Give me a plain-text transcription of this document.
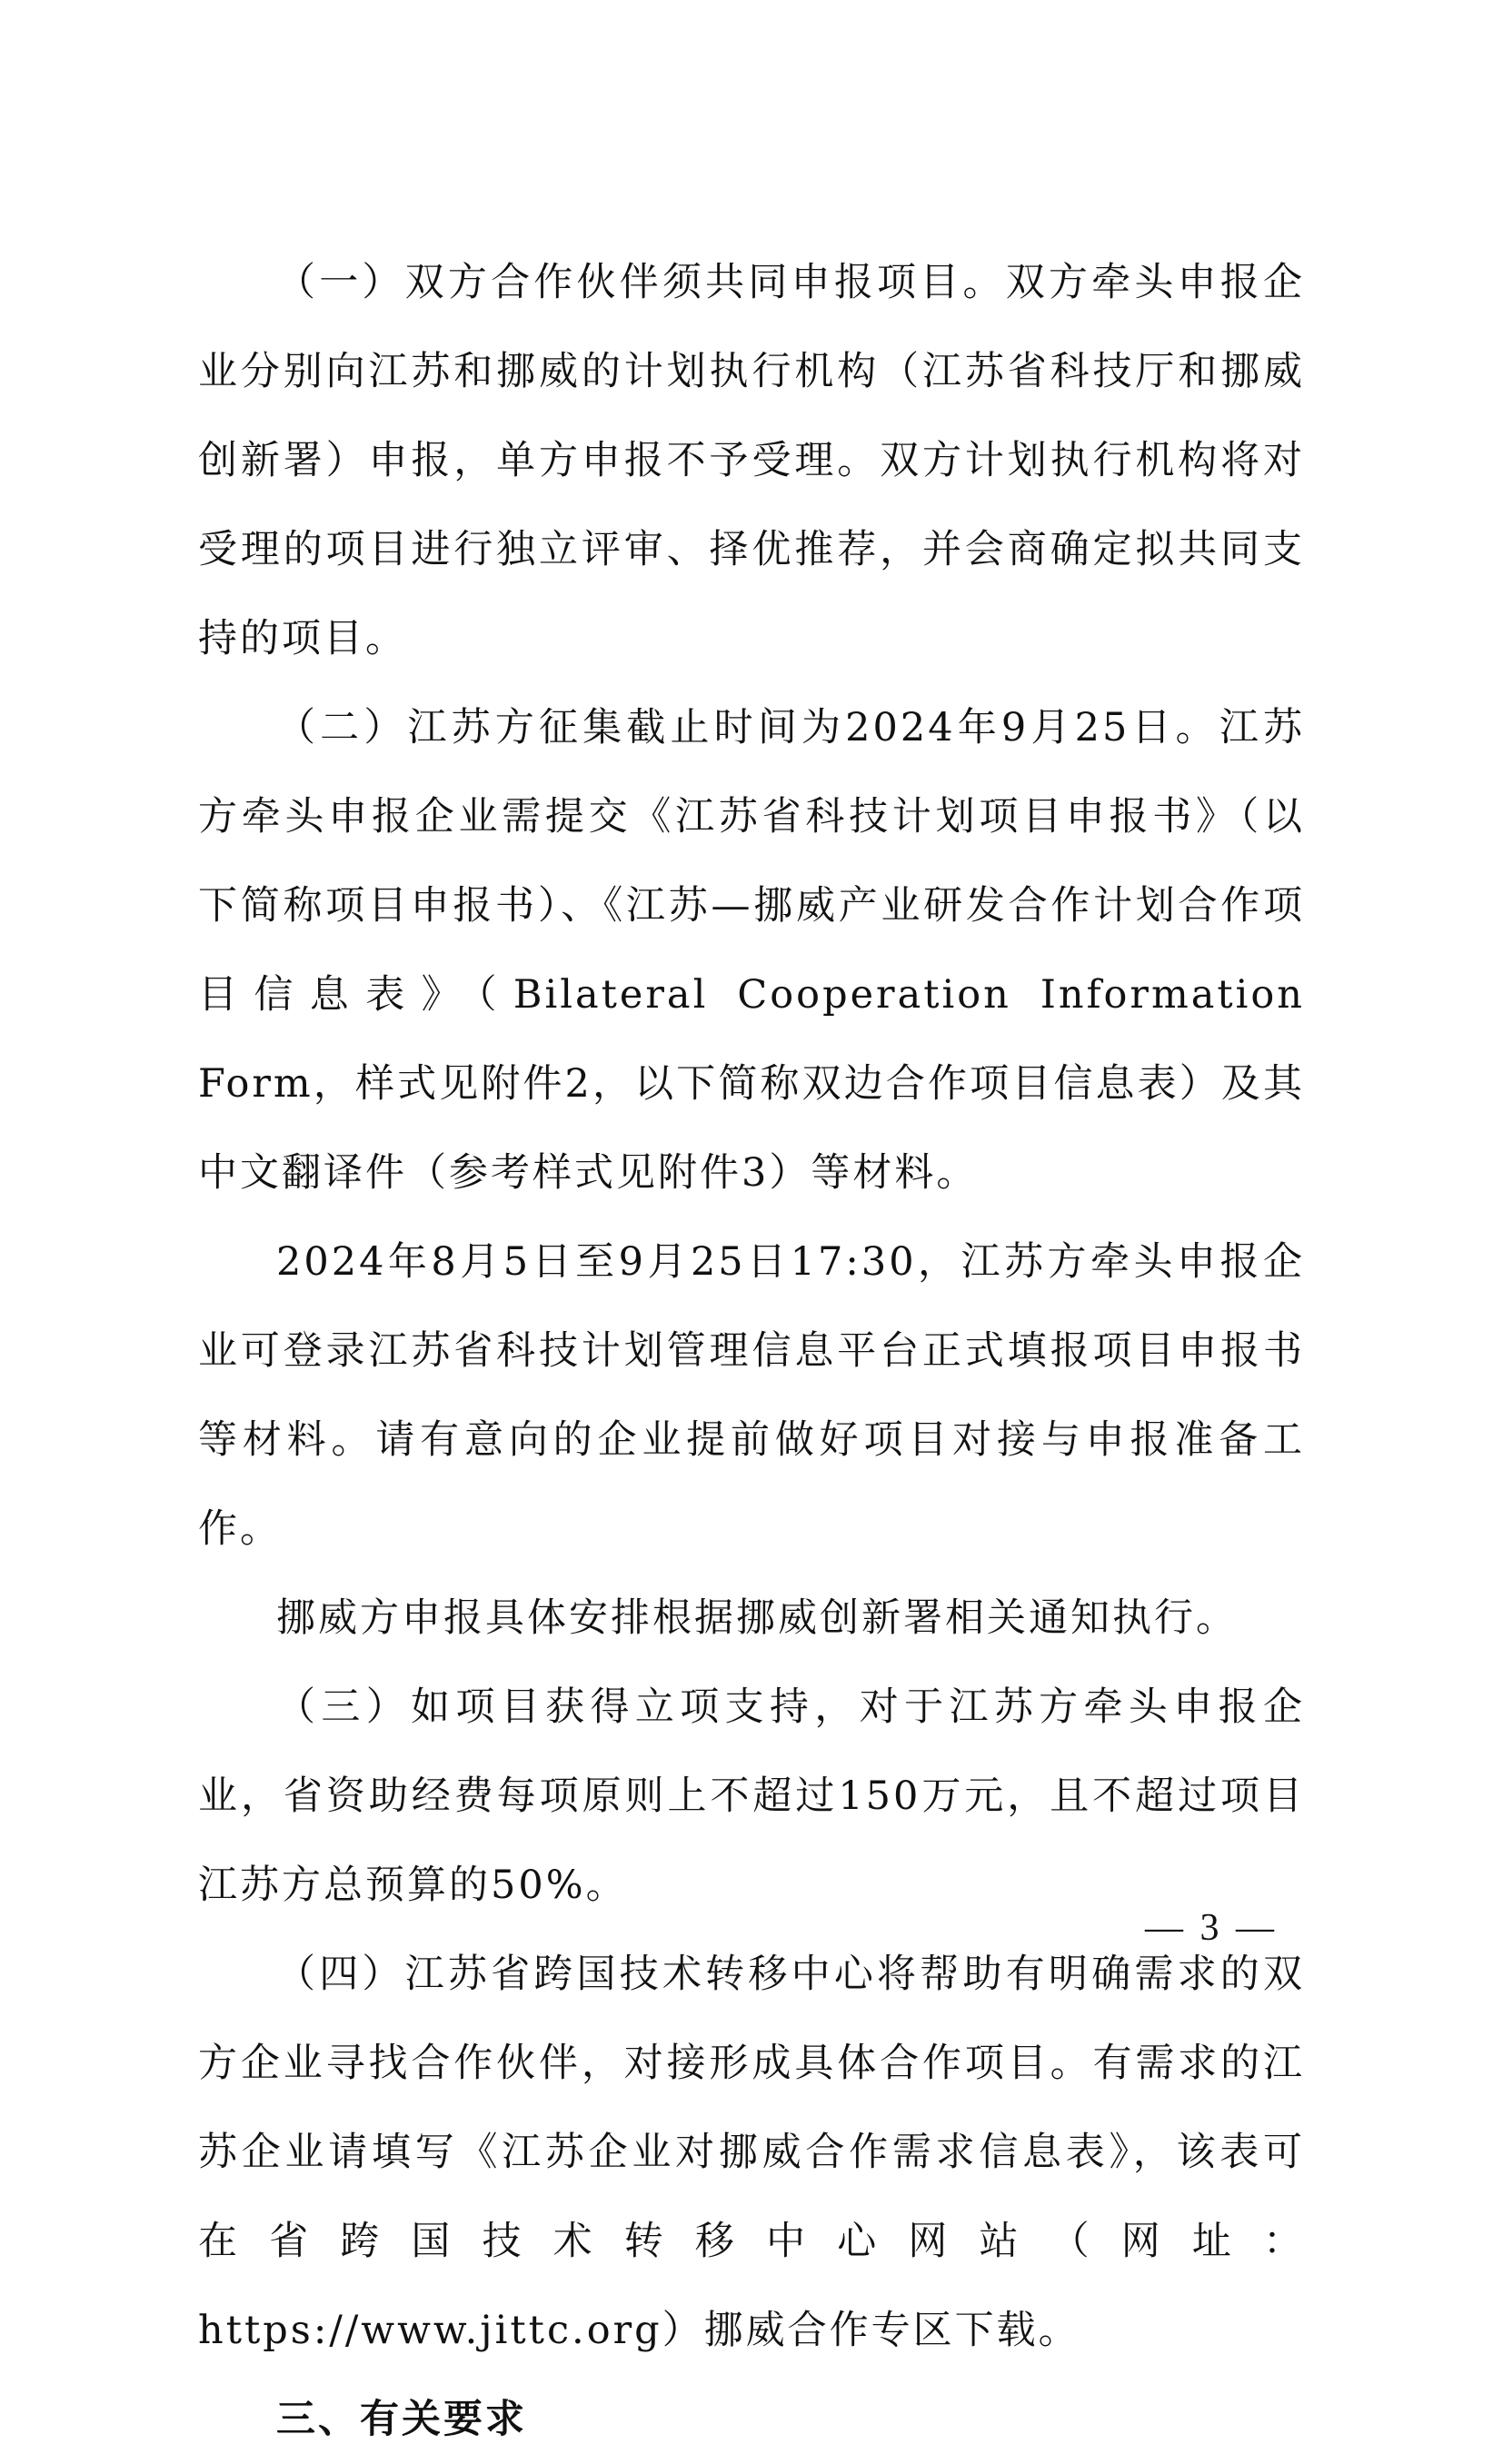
（一）双方合作伙伴须共同申报项目。双方牵头申报企业分别向江苏和挪威的计划执行机构（江苏省科技厅和挪威创新署）申报，单方申报不予受理。双方计划执行机构将对受理的项目进行独立评审、择优推荐，并会商确定拟共同支持的项目。

（二）江苏方征集截止时间为2024年9月25日。江苏方牵头申报企业需提交《江苏省科技计划项目申报书》（以下简称项目申报书）、《江苏—挪威产业研发合作计划合作项目信息表》（Bilateral Cooperation Information Form，样式见附件2，以下简称双边合作项目信息表）及其中文翻译件（参考样式见附件3）等材料。

2024年8月5日至9月25日17:30，江苏方牵头申报企业可登录江苏省科技计划管理信息平台正式填报项目申报书等材料。请有意向的企业提前做好项目对接与申报准备工作。

挪威方申报具体安排根据挪威创新署相关通知执行。

（三）如项目获得立项支持，对于江苏方牵头申报企业，省资助经费每项原则上不超过150万元，且不超过项目江苏方总预算的50%。

（四）江苏省跨国技术转移中心将帮助有明确需求的双方企业寻找合作伙伴，对接形成具体合作项目。有需求的江苏企业请填写《江苏企业对挪威合作需求信息表》，该表可在省跨国技术转移中心网站（网址：https://www.jittc.org）挪威合作专区下载。

三、有关要求

— 3 —
